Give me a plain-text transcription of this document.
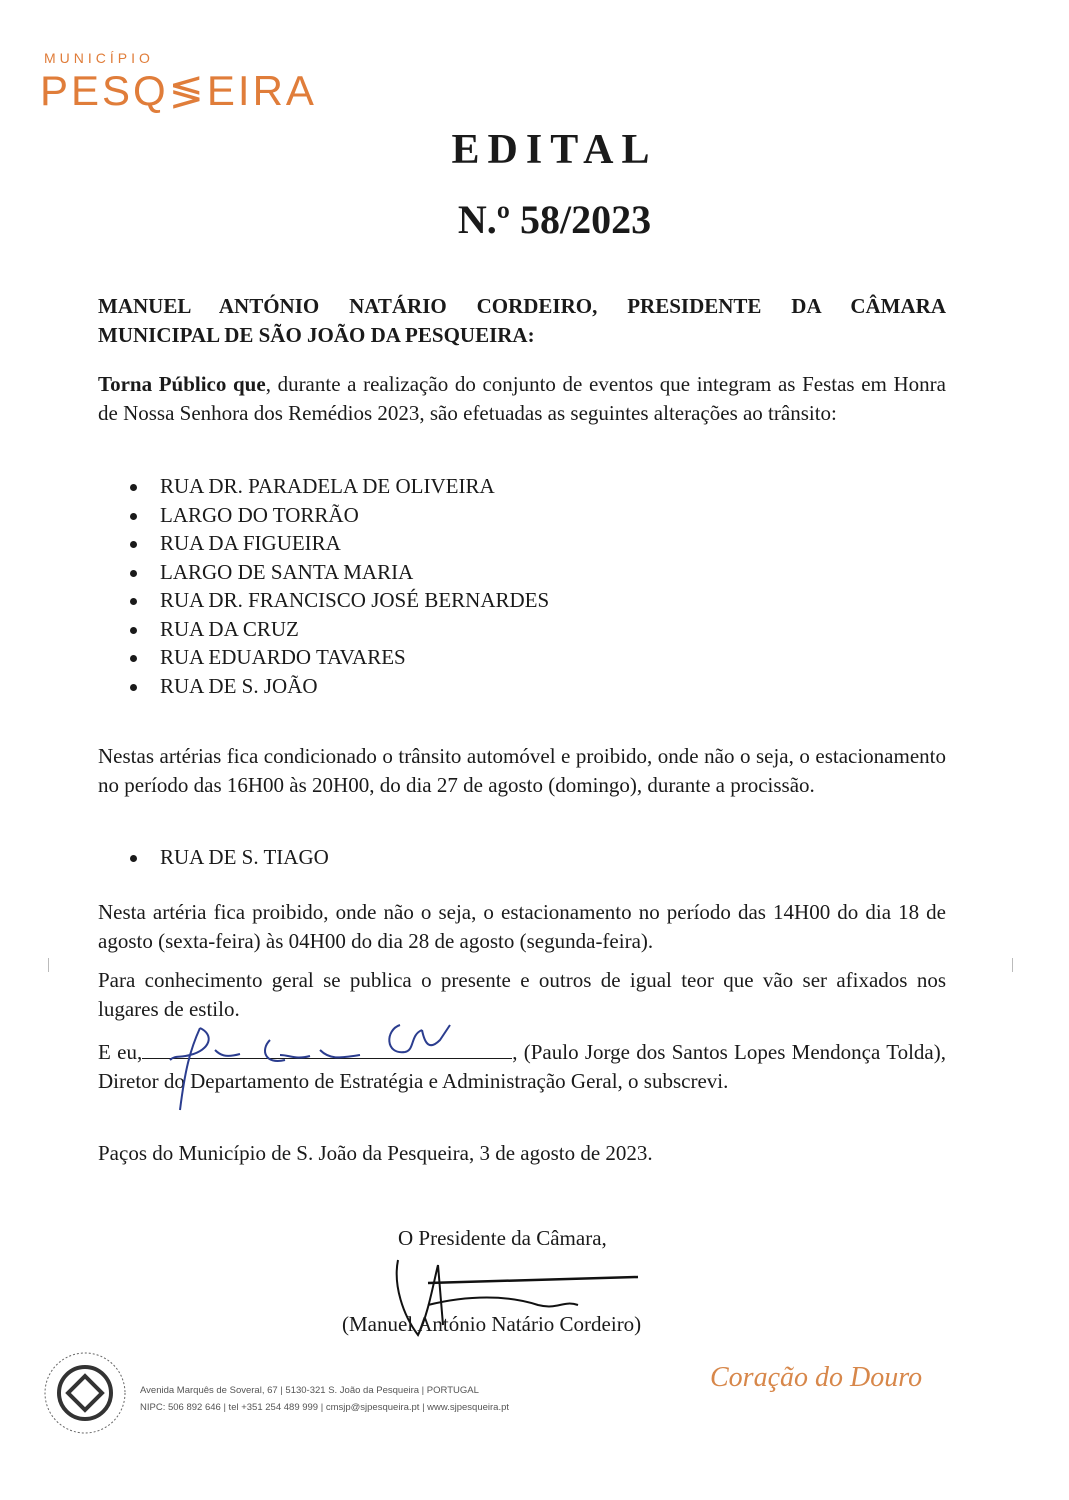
MUNICÍPIO
PESQ≶EIRA
EDITAL
N.º 58/2023
MANUEL ANTÓNIO NATÁRIO CORDEIRO, PRESIDENTE DA CÂMARA
MUNICIPAL DE SÃO JOÃO DA PESQUEIRA:
Torna Público que, durante a realização do conjunto de eventos que integram as Festas em Honra de Nossa Senhora dos Remédios 2023, são efetuadas as seguintes alterações ao trânsito:
RUA DR. PARADELA DE OLIVEIRA
LARGO DO TORRÃO
RUA DA FIGUEIRA
LARGO DE SANTA MARIA
RUA DR. FRANCISCO JOSÉ BERNARDES
RUA DA CRUZ
RUA EDUARDO TAVARES
RUA DE S. JOÃO
Nestas artérias fica condicionado o trânsito automóvel e proibido, onde não o seja, o estacionamento no período das 16H00 às 20H00, do dia 27 de agosto (domingo), durante a procissão.
RUA DE S. TIAGO
Nesta artéria fica proibido, onde não o seja, o estacionamento no período das 14H00 do dia 18 de agosto (sexta-feira) às 04H00 do dia 28 de agosto (segunda-feira).
Para conhecimento geral se publica o presente e outros de igual teor que vão ser afixados nos lugares de estilo.
E eu,	, (Paulo Jorge dos Santos Lopes Mendonça Tolda), Diretor do Departamento de Estratégia e Administração Geral, o subscrevi.
Paços do Município de S. João da Pesqueira, 3 de agosto de 2023.
O Presidente da Câmara,
(Manuel António Natário Cordeiro)
Avenida Marquês de Soveral, 67 | 5130-321 S. João da Pesqueira | PORTUGAL
NIPC: 506 892 646 | tel +351 254 489 999 | cmsjp@sjpesqueira.pt | www.sjpesqueira.pt
Coração do Douro
